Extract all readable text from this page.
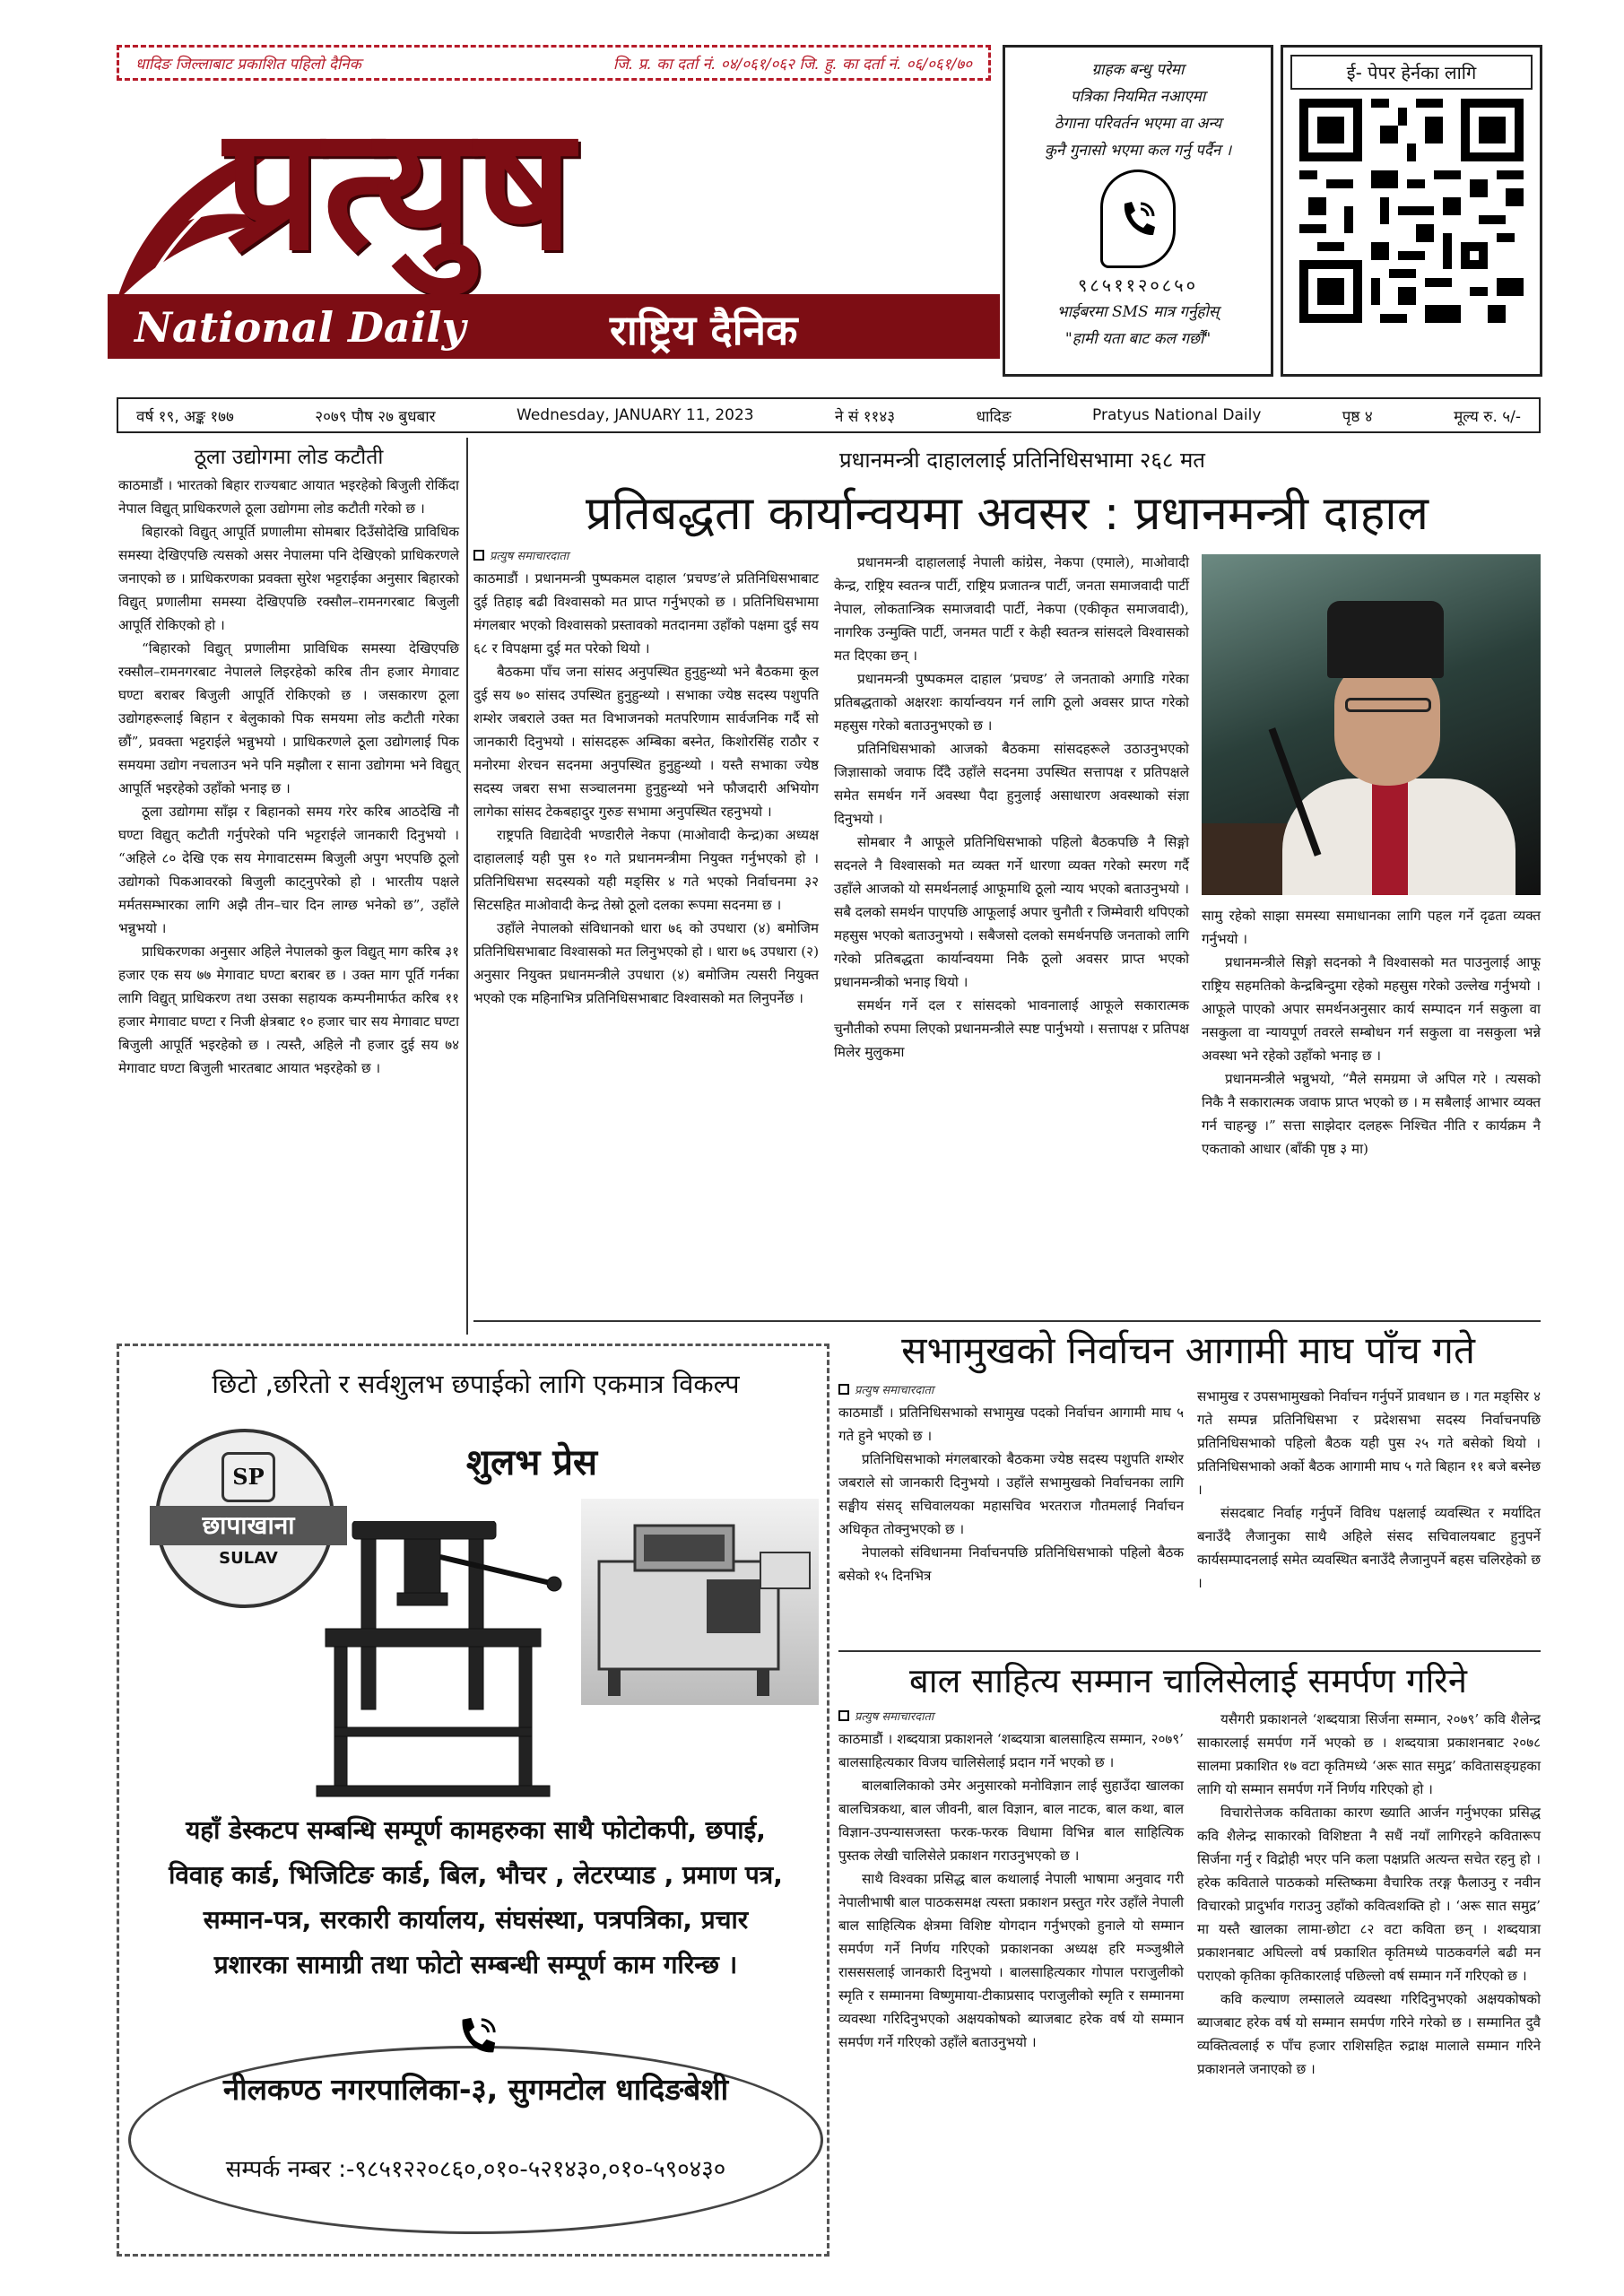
धादिङ जिल्लाबाट प्रकाशित पहिलो दैनिक	जि. प्र. का दर्ता नं. ०४/०६१/०६२ जि. हु. का दर्ता नं. ०६/०६१/७०
प्रत्युष
National Daily	राष्ट्रिय दैनिक
ग्राहक बन्धु परेमा
पत्रिका नियमित नआएमा
ठेगाना परिवर्तन भएमा वा अन्य
कुनै गुनासो भएमा कल गर्नु पर्दैन ।
९८५११२०८५०
भाईबरमा SMS मात्र गर्नुहोस्
"हामी यता बाट कल गर्छौं"
ई- पेपर हेर्नका लागि
वर्ष १९, अङ्क १७७	२०७९ पौष २७ बुधबार	Wednesday, JANUARY 11, 2023	ने सं ११४३	धादिङ	Pratyus National Daily	पृष्ठ ४	मूल्य रु. ५/-
ठूला उद्योगमा लोड कटौती

काठमाडौं । भारतको बिहार राज्यबाट आयात भइरहेको बिजुली रोकिँदा नेपाल विद्युत् प्राधिकरणले ठूला उद्योगमा लोड कटौती गरेको छ ।

बिहारको विद्युत् आपूर्ति प्रणालीमा सोमबार दिउँसोदेखि प्राविधिक समस्या देखिएपछि त्यसको असर नेपालमा पनि देखिएको प्राधिकरणले जनाएको छ । प्राधिकरणका प्रवक्ता सुरेश भट्टराईका अनुसार बिहारको विद्युत् प्रणालीमा समस्या देखिएपछि रक्सौल–रामनगरबाट बिजुली आपूर्ति रोकिएको हो ।

“बिहारको विद्युत् प्रणालीमा प्राविधिक समस्या देखिएपछि रक्सौल–रामनगरबाट नेपालले लिइरहेको करिब तीन हजार मेगावाट घण्टा बराबर बिजुली आपूर्ति रोकिएको छ । जसकारण ठूला उद्योगहरूलाई बिहान र बेलुकाको पिक समयमा लोड कटौती गरेका छौं”, प्रवक्ता भट्टराईले भन्नुभयो । प्राधिकरणले ठूला उद्योगलाई पिक समयमा उद्योग नचलाउन भने पनि मझौला र साना उद्योगमा भने विद्युत् आपूर्ति भइरहेको उहाँको भनाइ छ ।

ठूला उद्योगमा साँझ र बिहानको समय गरेर करिब आठदेखि नौ घण्टा विद्युत् कटौती गर्नुपरेको पनि भट्टराईले जानकारी दिनुभयो । “अहिले ८० देखि एक सय मेगावाटसम्म बिजुली अपुग भएपछि ठूलो उद्योगको पिकआवरको बिजुली काट्नुपरेको हो । भारतीय पक्षले मर्मतसम्भारका लागि अझै तीन–चार दिन लाग्छ भनेको छ”, उहाँले भन्नुभयो ।

प्राधिकरणका अनुसार अहिले नेपालको कुल विद्युत् माग करिब ३१ हजार एक सय ७७ मेगावाट घण्टा बराबर छ । उक्त माग पूर्ति गर्नका लागि विद्युत् प्राधिकरण तथा उसका सहायक कम्पनीमार्फत करिब ११ हजार मेगावाट घण्टा र निजी क्षेत्रबाट १० हजार चार सय मेगावाट घण्टा बिजुली आपूर्ति भइरहेको छ । त्यस्तै, अहिले नौ हजार दुई सय ७४ मेगावाट घण्टा बिजुली भारतबाट आयात भइरहेको छ ।

प्रधानमन्त्री दाहाललाई प्रतिनिधिसभामा २६८ मत
प्रतिबद्धता कार्यान्वयमा अवसर : प्रधानमन्त्री दाहाल
प्रत्युष समाचारदाता

काठमाडौं । प्रधानमन्त्री पुष्पकमल दाहाल ‘प्रचण्ड’ले प्रतिनिधिसभाबाट दुई तिहाइ बढी विश्वासको मत प्राप्त गर्नुभएको छ । प्रतिनिधिसभामा मंगलबार भएको विश्वासको प्रस्तावको मतदानमा उहाँको पक्षमा दुई सय ६८ र विपक्षमा दुई मत परेको थियो ।

बैठकमा पाँच जना सांसद अनुपस्थित हुनुहुन्थ्यो भने बैठकमा कूल दुई सय ७० सांसद उपस्थित हुनुहुन्थ्यो । सभाका ज्येष्ठ सदस्य पशुपति शम्शेर जबराले उक्त मत विभाजनको मतपरिणाम सार्वजनिक गर्दै सो जानकारी दिनुभयो । सांसदहरू अम्बिका बस्नेत, किशोरसिंह राठौर र मनोरमा शेरचन सदनमा अनुपस्थित हुनुहुन्थ्यो । यस्तै सभाका ज्येष्ठ सदस्य जबरा सभा सञ्चालनमा हुनुहुन्थ्यो भने फौजदारी अभियोग लागेका सांसद टेकबहादुर गुरुङ सभामा अनुपस्थित रहनुभयो ।

राष्ट्रपति विद्यादेवी भण्डारीले नेकपा (माओवादी केन्द्र)का अध्यक्ष दाहाललाई यही पुस १० गते प्रधानमन्त्रीमा नियुक्त गर्नुभएको हो । प्रतिनिधिसभा सदस्यको यही मङ्सिर ४ गते भएको निर्वाचनमा ३२ सिटसहित माओवादी केन्द्र तेस्रो ठूलो दलका रूपमा सदनमा छ ।

उहाँले नेपालको संविधानको धारा ७६ को उपधारा (४) बमोजिम प्रतिनिधिसभाबाट विश्वासको मत लिनुभएको हो । धारा ७६ उपधारा (२) अनुसार नियुक्त प्रधानमन्त्रीले उपधारा (४) बमोजिम त्यसरी नियुक्त भएको एक महिनाभित्र प्रतिनिधिसभाबाट विश्वासको मत लिनुपर्नेछ ।

प्रधानमन्त्री दाहाललाई नेपाली कांग्रेस, नेकपा (एमाले), माओवादी केन्द्र, राष्ट्रिय स्वतन्त्र पार्टी, राष्ट्रिय प्रजातन्त्र पार्टी, जनता समाजवादी पार्टी नेपाल, लोकतान्त्रिक समाजवादी पार्टी, नेकपा (एकीकृत समाजवादी), नागरिक उन्मुक्ति पार्टी, जनमत पार्टी र केही स्वतन्त्र सांसदले विश्वासको मत दिएका छन् ।

प्रधानमन्त्री पुष्पकमल दाहाल ‘प्रचण्ड’ ले जनताको अगाडि गरेका प्रतिबद्धताको अक्षरशः कार्यान्वयन गर्न लागि ठूलो अवसर प्राप्त गरेको महसुस गरेको बताउनुभएको छ ।

प्रतिनिधिसभाको आजको बैठकमा सांसदहरूले उठाउनुभएको जिज्ञासाको जवाफ दिँदै उहाँले सदनमा उपस्थित सत्तापक्ष र प्रतिपक्षले समेत समर्थन गर्ने अवस्था पैदा हुनुलाई असाधारण अवस्थाको संज्ञा दिनुभयो ।

सोमबार नै आफूले प्रतिनिधिसभाको पहिलो बैठकपछि नै सिङ्गो सदनले नै विश्वासको मत व्यक्त गर्ने धारणा व्यक्त गरेको स्मरण गर्दै उहाँले आजको यो समर्थनलाई आफूमाथि ठूलो न्याय भएको बताउनुभयो । सबै दलको समर्थन पाएपछि आफूलाई अपार चुनौती र जिम्मेवारी थपिएको महसुस भएको बताउनुभयो । सबैजसो दलको समर्थनपछि जनताको लागि गरेको प्रतिबद्धता कार्यान्वयमा निकै ठूलो अवसर प्राप्त भएको प्रधानमन्त्रीको भनाइ थियो ।

समर्थन गर्ने दल र सांसदको भावनालाई आफूले सकारात्मक चुनौतीको रुपमा लिएको प्रधानमन्त्रीले स्पष्ट पार्नुभयो । सत्तापक्ष र प्रतिपक्ष मिलेर मुलुकमा

सामु रहेको साझा समस्या समाधानका लागि पहल गर्ने दृढता व्यक्त गर्नुभयो ।

प्रधानमन्त्रीले सिङ्गो सदनको नै विश्वासको मत पाउनुलाई आफू राष्ट्रिय सहमतिको केन्द्रबिन्दुमा रहेको महसुस गरेको उल्लेख गर्नुभयो । आफूले पाएको अपार समर्थनअनुसार कार्य सम्पादन गर्न सकुला वा नसकुला वा न्यायपूर्ण तवरले सम्बोधन गर्न सकुला वा नसकुला भन्ने अवस्था भने रहेको उहाँको भनाइ छ ।

प्रधानमन्त्रीले भन्नुभयो, “मैले समग्रमा जे अपिल गरे । त्यसको निकै नै सकारात्मक जवाफ प्राप्त भएको छ । म सबैलाई आभार व्यक्त गर्न चाहन्छु ।” सत्ता साझेदार दलहरू निश्चित नीति र कार्यक्रम नै एकताको आधार (बाँकी पृष्ठ ३ मा)

सभामुखको निर्वाचन आगामी माघ पाँच गते
प्रत्युष समाचारदाता

काठमाडौं । प्रतिनिधिसभाको सभामुख पदको निर्वाचन आगामी माघ ५ गते हुने भएको छ ।

प्रतिनिधिसभाको मंगलबारको बैठकमा ज्येष्ठ सदस्य पशुपति शम्शेर जबराले सो जानकारी दिनुभयो । उहाँले सभामुखको निर्वाचनका लागि सङ्घीय संसद् सचिवालयका महासचिव भरतराज गौतमलाई निर्वाचन अधिकृत तोक्नुभएको छ ।

नेपालको संविधानमा निर्वाचनपछि प्रतिनिधिसभाको पहिलो बैठक बसेको १५ दिनभित्र

सभामुख र उपसभामुखको निर्वाचन गर्नुपर्ने प्रावधान छ । गत मङ्सिर ४ गते सम्पन्न प्रतिनिधिसभा र प्रदेशसभा सदस्य निर्वाचनपछि प्रतिनिधिसभाको पहिलो बैठक यही पुस २५ गते बसेको थियो । प्रतिनिधिसभाको अर्को बैठक आगामी माघ ५ गते बिहान ११ बजे बस्नेछ ।

संसदबाट निर्वाह गर्नुपर्ने विविध पक्षलाई व्यवस्थित र मर्यादित बनाउँदै लैजानुका साथै अहिले संसद सचिवालयबाट हुनुपर्ने कार्यसम्पादनलाई समेत व्यवस्थित बनाउँदै लैजानुपर्ने बहस चलिरहेको छ ।

बाल साहित्य सम्मान चालिसेलाई समर्पण गरिने
प्रत्युष समाचारदाता

काठमाडौं । शब्दयात्रा प्रकाशनले ‘शब्दयात्रा बालसाहित्य सम्मान, २०७९’ बालसाहित्यकार विजय चालिसेलाई प्रदान गर्ने भएको छ ।

बालबालिकाको उमेर अनुसारको मनोविज्ञान लाई सुहाउँदा खालका बालचित्रकथा, बाल जीवनी, बाल विज्ञान, बाल नाटक, बाल कथा, बाल विज्ञान-उपन्यासजस्ता फरक-फरक विधामा विभिन्न बाल साहित्यिक पुस्तक लेखी चालिसेले प्रकाशन गराउनुभएको छ ।

साथै विश्वका प्रसिद्ध बाल कथालाई नेपाली भाषामा अनुवाद गरी नेपालीभाषी बाल पाठकसमक्ष त्यस्ता प्रकाशन प्रस्तुत गरेर उहाँले नेपाली बाल साहित्यिक क्षेत्रमा विशिष्ट योगदान गर्नुभएको हुनाले यो सम्मान समर्पण गर्ने निर्णय गरिएको प्रकाशनका अध्यक्ष हरि मञ्जुश्रीले रासससलाई जानकारी दिनुभयो । बालसाहित्यकार गोपाल पराजुलीको स्मृति र सम्मानमा विष्णुमाया-टीकाप्रसाद पराजुलीको स्मृति र सम्मानमा व्यवस्था गरिदिनुभएको अक्षयकोषको ब्याजबाट हरेक वर्ष यो सम्मान समर्पण गर्ने गरिएको उहाँले बताउनुभयो ।

यसैगरी प्रकाशनले ‘शब्दयात्रा सिर्जना सम्मान, २०७९’ कवि शैलेन्द्र साकारलाई समर्पण गर्ने भएको छ । शब्दयात्रा प्रकाशनबाट २०७८ सालमा प्रकाशित १७ वटा कृतिमध्ये ‘अरू सात समुद्र’ कवितासङ्ग्रहका लागि यो सम्मान समर्पण गर्ने निर्णय गरिएको हो ।

विचारोत्तेजक कविताका कारण ख्याति आर्जन गर्नुभएका प्रसिद्ध कवि शैलेन्द्र साकारको विशिष्टता नै सधैं नयाँ लागिरहने कवितारूप सिर्जना गर्नु र विद्रोही भएर पनि कला पक्षप्रति अत्यन्त सचेत रहनु हो । हरेक कविताले पाठकको मस्तिष्कमा वैचारिक तरङ्ग फैलाउनु र नवीन विचारको प्रादुर्भाव गराउनु उहाँको कवित्वशक्ति हो । ‘अरू सात समुद्र’ मा यस्तै खालका लामा-छोटा ८२ वटा कविता छन् । शब्दयात्रा प्रकाशनबाट अघिल्लो वर्ष प्रकाशित कृतिमध्ये पाठकवर्गले बढी मन पराएको कृतिका कृतिकारलाई पछिल्लो वर्ष सम्मान गर्ने गरिएको छ ।

कवि कल्याण लम्सालले व्यवस्था गरिदिनुभएको अक्षयकोषको ब्याजबाट हरेक वर्ष यो सम्मान समर्पण गरिने गरेको छ । सम्मानित दुवै व्यक्तित्वलाई रु पाँच हजार राशिसहित रुद्राक्ष मालाले सम्मान गरिने प्रकाशनले जनाएको छ ।

छिटो ,छरितो र सर्वशुलभ छपाईको लागि एकमात्र विकल्प
SP
छापाखाना
SULAV
शुलभ प्रेस
यहाँ डेस्कटप सम्बन्धि सम्पूर्ण कामहरुका साथै फोटोकपी, छपाई,
विवाह कार्ड, भिजिटिङ कार्ड, बिल, भौचर , लेटरप्याड , प्रमाण पत्र,
सम्मान-पत्र, सरकारी कार्यालय, संघसंस्था, पत्रपत्रिका, प्रचार
प्रशारका सामाग्री तथा फोटो सम्बन्धी सम्पूर्ण काम गरिन्छ ।
नीलकण्ठ नगरपालिका-३, सुगमटोल धादिङबेशी
सम्पर्क नम्बर :-९८५१२२०८६०,०१०-५२१४३०,०१०-५९०४३०
